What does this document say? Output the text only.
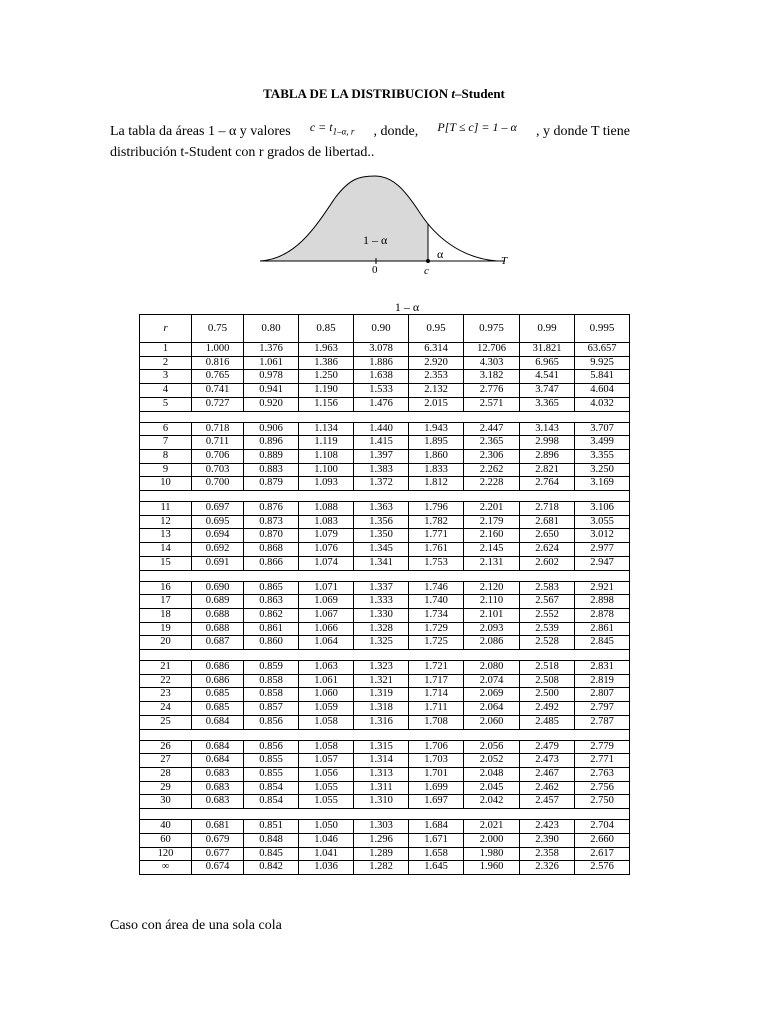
TABLA DE LA DISTRIBUCION t–Student
La tabla da áreas 1 – α y valores $c = t_{1-\alpha, r}$ , donde, P[T ≤ c] = 1 – α , y donde T tiene
distribución t-Student con r grados de libertad..
1 – α
α
0	c
T
1 – α
r	0.75	0.80	0.85	0.90	0.95	0.975	0.99	0.995
1	1.000	1.376	1.963	3.078	6.314	12.706	31.821	63.657
2	0.816	1.061	1.386	1.886	2.920	4.303	6.965	9.925
3	0.765	0.978	1.250	1.638	2.353	3.182	4.541	5.841
4	0.741	0.941	1.190	1.533	2.132	2.776	3.747	4.604
5	0.727	0.920	1.156	1.476	2.015	2.571	3.365	4.032

6	0.718	0.906	1.134	1.440	1.943	2.447	3.143	3.707
7	0.711	0.896	1.119	1.415	1.895	2.365	2.998	3.499
8	0.706	0.889	1.108	1.397	1.860	2.306	2.896	3.355
9	0.703	0.883	1.100	1.383	1.833	2.262	2.821	3.250
10	0.700	0.879	1.093	1.372	1.812	2.228	2.764	3.169

11	0.697	0.876	1.088	1.363	1.796	2.201	2.718	3.106
12	0.695	0.873	1.083	1.356	1.782	2.179	2.681	3.055
13	0.694	0.870	1.079	1.350	1.771	2.160	2.650	3.012
14	0.692	0.868	1.076	1.345	1.761	2.145	2.624	2.977
15	0.691	0.866	1.074	1.341	1.753	2.131	2.602	2.947

16	0.690	0.865	1.071	1.337	1.746	2.120	2.583	2.921
17	0.689	0.863	1.069	1.333	1.740	2.110	2.567	2.898
18	0.688	0.862	1.067	1.330	1.734	2.101	2.552	2.878
19	0.688	0.861	1.066	1.328	1.729	2.093	2.539	2.861
20	0.687	0.860	1.064	1.325	1.725	2.086	2.528	2.845

21	0.686	0.859	1.063	1.323	1.721	2.080	2.518	2.831
22	0.686	0.858	1.061	1.321	1.717	2.074	2.508	2.819
23	0.685	0.858	1.060	1.319	1.714	2.069	2.500	2.807
24	0.685	0.857	1.059	1.318	1.711	2.064	2.492	2.797
25	0.684	0.856	1.058	1.316	1.708	2.060	2.485	2.787

26	0.684	0.856	1.058	1.315	1.706	2.056	2.479	2.779
27	0.684	0.855	1.057	1.314	1.703	2.052	2.473	2.771
28	0.683	0.855	1.056	1.313	1.701	2.048	2.467	2.763
29	0.683	0.854	1.055	1.311	1.699	2.045	2.462	2.756
30	0.683	0.854	1.055	1.310	1.697	2.042	2.457	2.750

40	0.681	0.851	1.050	1.303	1.684	2.021	2.423	2.704
60	0.679	0.848	1.046	1.296	1.671	2.000	2.390	2.660
120	0.677	0.845	1.041	1.289	1.658	1.980	2.358	2.617
∞	0.674	0.842	1.036	1.282	1.645	1.960	2.326	2.576
Caso con área de una sola cola
